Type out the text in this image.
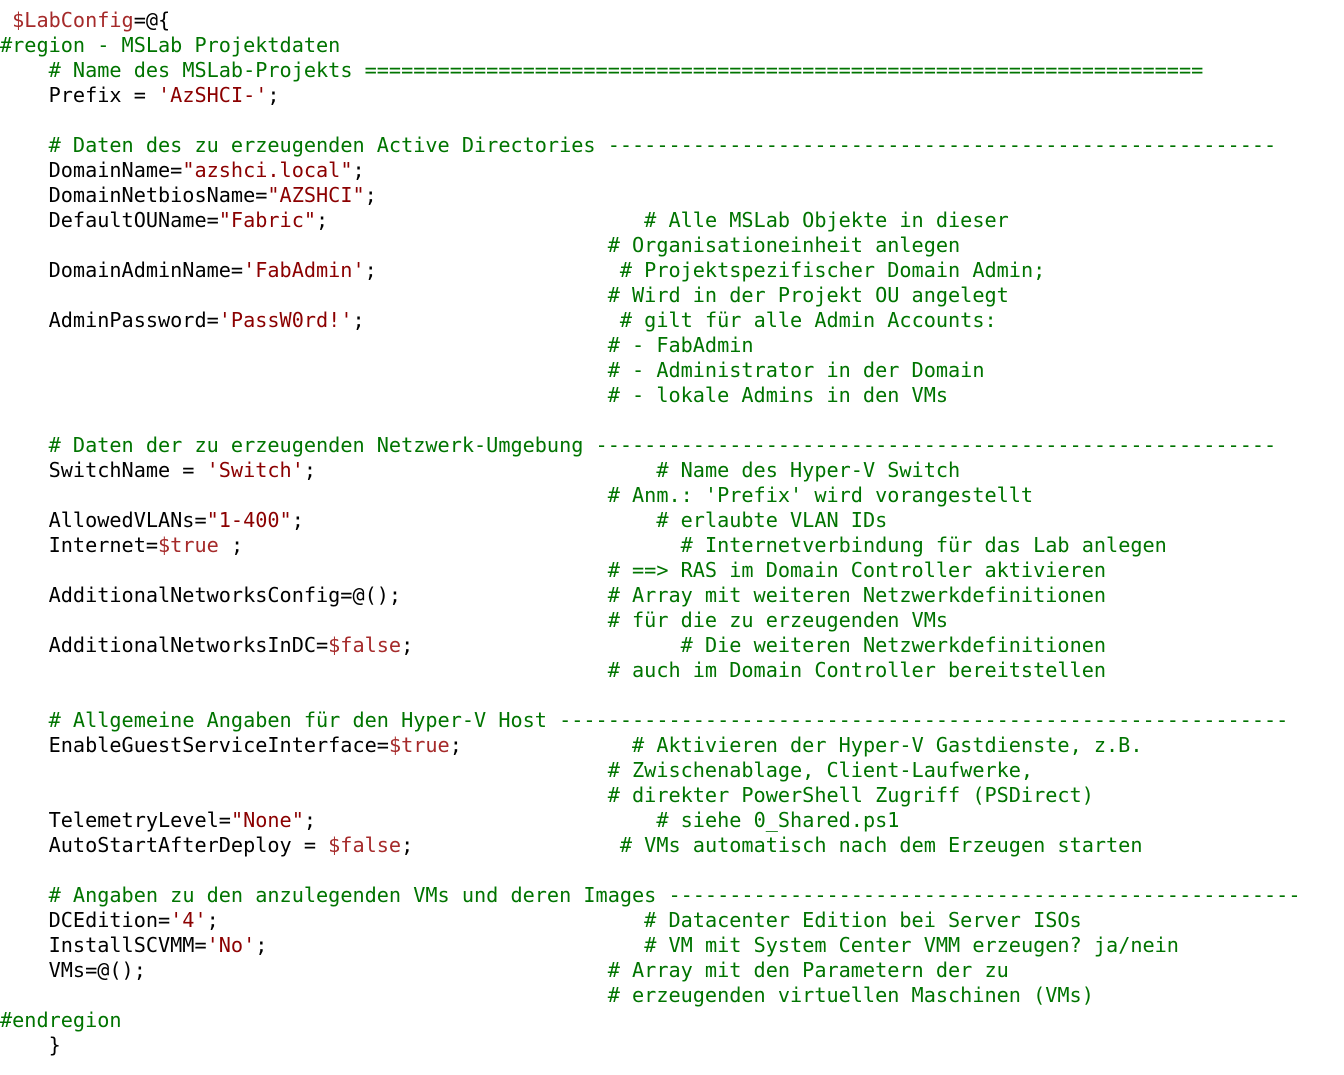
$LabConfig=@{
#region - MSLab Projektdaten
# Name des MSLab-Projekts =====================================================================
Prefix = 'AzSHCI-';
# Daten des zu erzeugenden Active Directories -------------------------------------------------------
DomainName="azshci.local";
DomainNetbiosName="AZSHCI";
DefaultOUName="Fabric";                          # Alle MSLab Objekte in dieser
# Organisationeinheit anlegen
DomainAdminName='FabAdmin';                    # Projektspezifischer Domain Admin;
# Wird in der Projekt OU angelegt
AdminPassword='PassW0rd!';                     # gilt für alle Admin Accounts:
# - FabAdmin
# - Administrator in der Domain
# - lokale Admins in den VMs
# Daten der zu erzeugenden Netzwerk-Umgebung --------------------------------------------------------
SwitchName = 'Switch';                            # Name des Hyper-V Switch
# Anm.: 'Prefix' wird vorangestellt
AllowedVLANs="1-400";                             # erlaubte VLAN IDs
Internet=$true ;                                    # Internetverbindung für das Lab anlegen
# ==> RAS im Domain Controller aktivieren
AdditionalNetworksConfig=@();                 # Array mit weiteren Netzwerkdefinitionen
# für die zu erzeugenden VMs
AdditionalNetworksInDC=$false;                      # Die weiteren Netzwerkdefinitionen
# auch im Domain Controller bereitstellen
# Allgemeine Angaben für den Hyper-V Host ------------------------------------------------------------
EnableGuestServiceInterface=$true;              # Aktivieren der Hyper-V Gastdienste, z.B.
# Zwischenablage, Client-Laufwerke,
# direkter PowerShell Zugriff (PSDirect)
TelemetryLevel="None";                            # siehe 0_Shared.ps1
AutoStartAfterDeploy = $false;                 # VMs automatisch nach dem Erzeugen starten
# Angaben zu den anzulegenden VMs und deren Images ----------------------------------------------------
DCEdition='4';                                   # Datacenter Edition bei Server ISOs
InstallSCVMM='No';                               # VM mit System Center VMM erzeugen? ja/nein
VMs=@();                                      # Array mit den Parametern der zu
# erzeugenden virtuellen Maschinen (VMs)
#endregion
}
